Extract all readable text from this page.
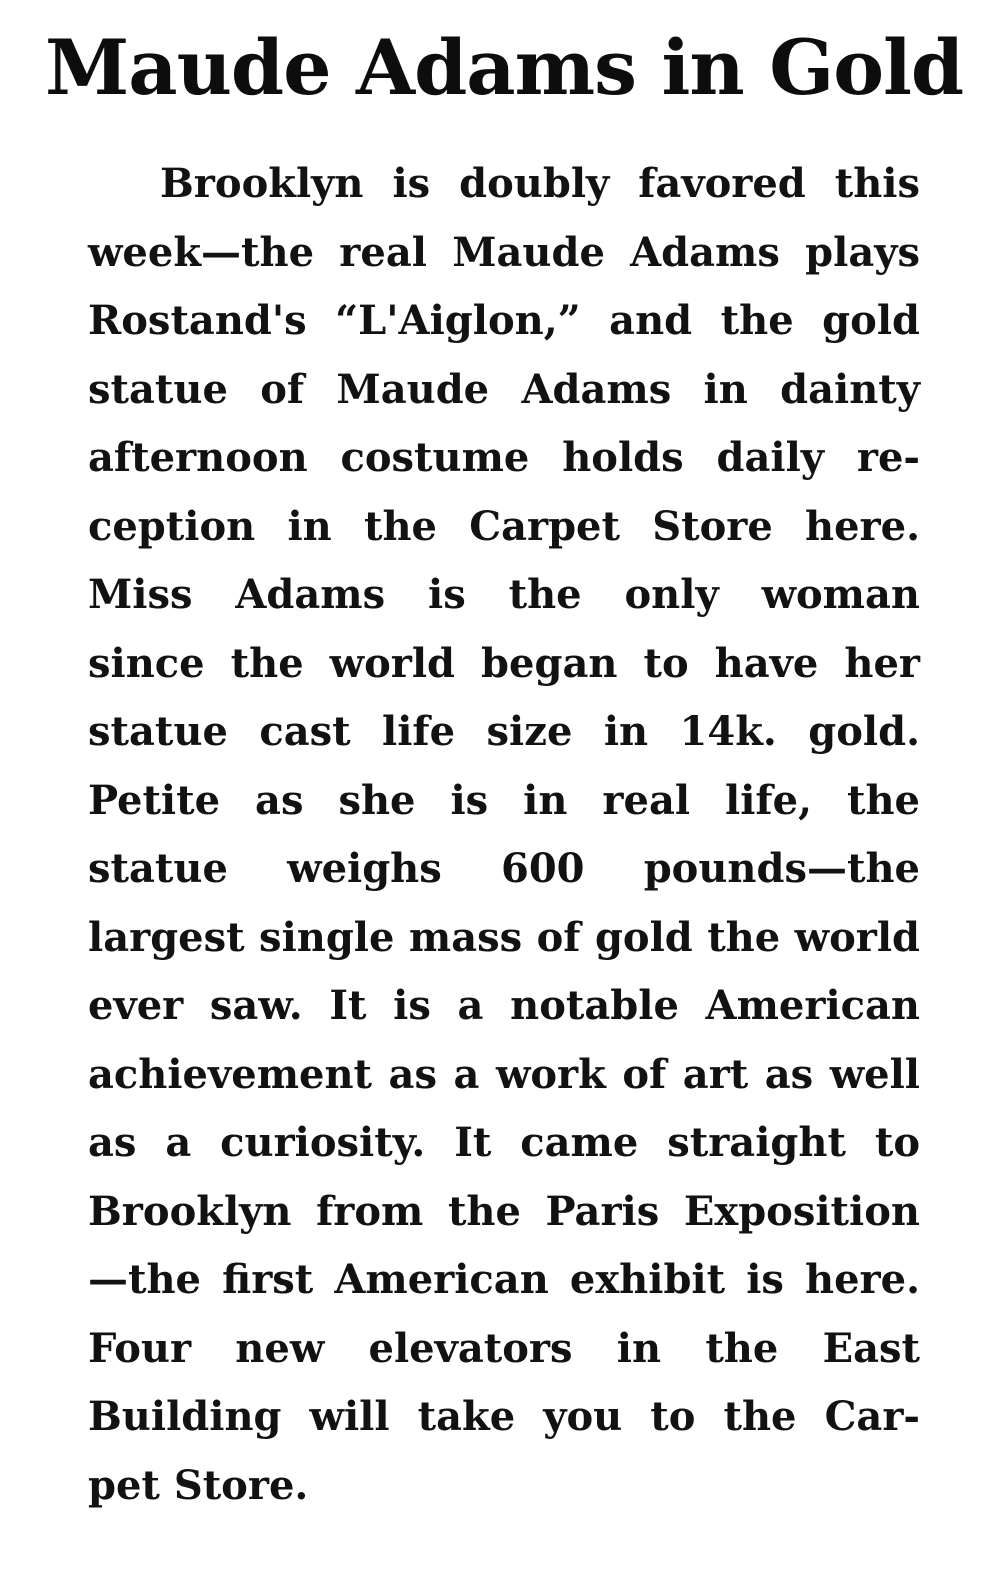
Maude Adams in Gold
Brooklyn is doubly favored this
week—the real Maude Adams plays
Rostand's “L'Aiglon,” and the gold
statue of Maude Adams in dainty
afternoon costume holds daily re-
ception in the Carpet Store here.
Miss Adams is the only woman
since the world began to have her
statue cast life size in 14k. gold.
Petite as she is in real life, the
statue weighs 600 pounds—the
largest single mass of gold the world
ever saw. It is a notable American
achievement as a work of art as well
as a curiosity. It came straight to
Brooklyn from the Paris Exposition
—the first American exhibit is here.
Four new elevators in the East
Building will take you to the Car-
pet Store.
